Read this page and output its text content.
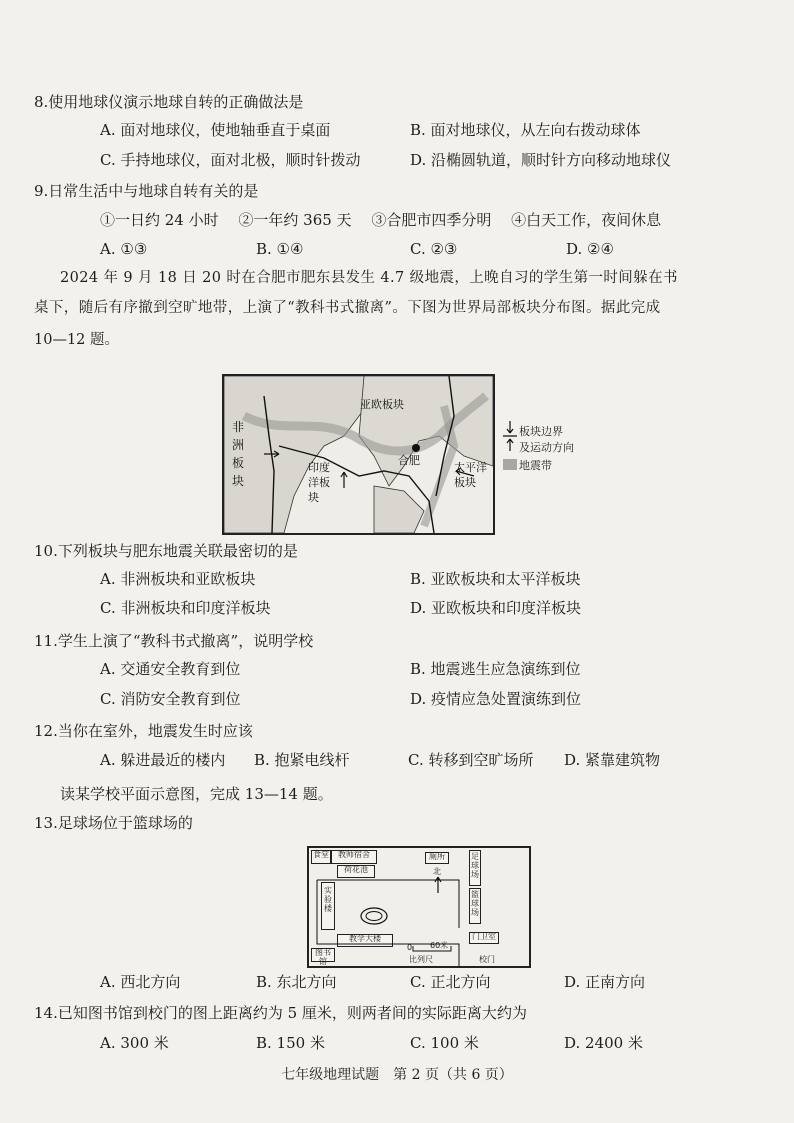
8.使用地球仪演示地球自转的正确做法是
A. 面对地球仪，使地轴垂直于桌面	B. 面对地球仪，从左向右拨动球体
C. 手持地球仪，面对北极，顺时针拨动	D. 沿椭圆轨道，顺时针方向移动地球仪
9.日常生活中与地球自转有关的是
①一日约 24 小时　 ②一年约 365 天　 ③合肥市四季分明　 ④白天工作，夜间休息
A. ①③	B. ①④	C. ②③	D. ②④
2024 年 9 月 18 日 20 时在合肥市肥东县发生 4.7 级地震，上晚自习的学生第一时间躲在书
桌下，随后有序撤到空旷地带，上演了“教科书式撤离”。下图为世界局部板块分布图。据此完成
10—12 题。
亚欧板块
非洲板块
印度洋板块
太平洋板块
合肥
板块边界
及运动方向
地震带
10.下列板块与肥东地震关联最密切的是
A. 非洲板块和亚欧板块	B. 亚欧板块和太平洋板块
C. 非洲板块和印度洋板块	D. 亚欧板块和印度洋板块
11.学生上演了“教科书式撤离”，说明学校
A. 交通安全教育到位	B. 地震逃生应急演练到位
C. 消防安全教育到位	D. 疫情应急处置演练到位
12.当你在室外，地震发生时应该
A. 躲进最近的楼内 B. 抱紧电线杆	C. 转移到空旷场所 D. 紧靠建筑物
读某学校平面示意图，完成 13—14 题。
13.足球场位于篮球场的
食堂	教师宿舍
荷花池
厕所
北
实验楼
教学大楼
图书馆
0 60米
比列尺	校门
门卫室
足球场
篮球场
A. 西北方向	B. 东北方向	C. 正北方向	D. 正南方向
14.已知图书馆到校门的图上距离约为 5 厘米，则两者间的实际距离大约为
A. 300 米	B. 150 米	C. 100 米	D. 2400 米
七年级地理试题　第 2 页（共 6 页）
